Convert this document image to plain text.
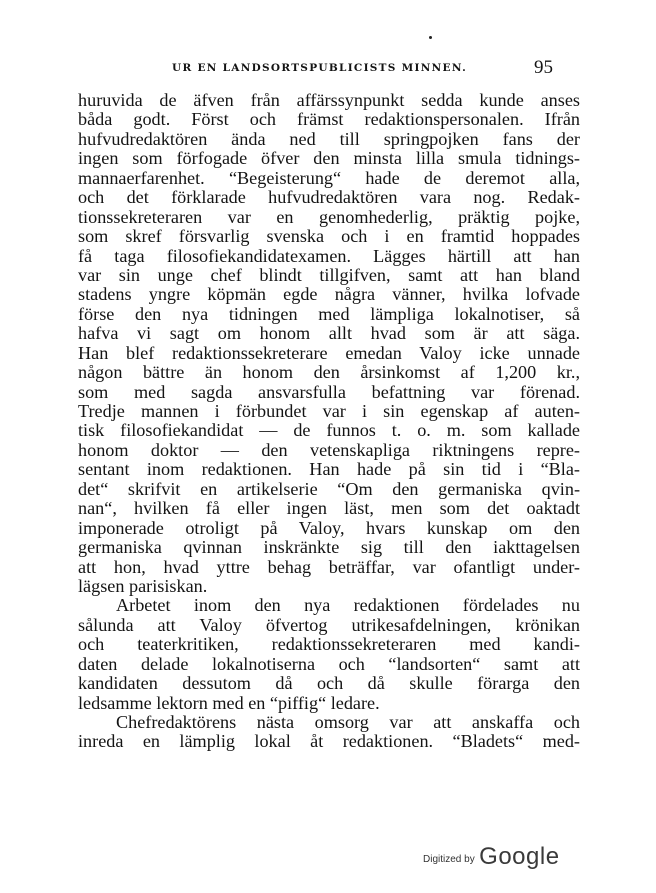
UR EN LANDSORTSPUBLICISTS MINNEN.	95
huruvida de äfven från affärssynpunkt sedda kunde anses
båda godt. Först och främst redaktionspersonalen. Ifrån
hufvudredaktören ända ned till springpojken fans der
ingen som förfogade öfver den minsta lilla smula tidnings-
mannaerfarenhet. “Begeisterung“ hade de deremot alla,
och det förklarade hufvudredaktören vara nog. Redak-
tionssekreteraren var en genomhederlig, präktig pojke,
som skref försvarlig svenska och i en framtid hoppades
få taga filosofiekandidatexamen. Lägges härtill att han
var sin unge chef blindt tillgifven, samt att han bland
stadens yngre köpmän egde några vänner, hvilka lofvade
förse den nya tidningen med lämpliga lokalnotiser, så
hafva vi sagt om honom allt hvad som är att säga.
Han blef redaktionssekreterare emedan Valoy icke unnade
någon bättre än honom den årsinkomst af 1,200 kr.,
som med sagda ansvarsfulla befattning var förenad.
Tredje mannen i förbundet var i sin egenskap af auten-
tisk filosofiekandidat — de funnos t. o. m. som kallade
honom doktor — den vetenskapliga riktningens repre-
sentant inom redaktionen. Han hade på sin tid i “Bla-
det“ skrifvit en artikelserie “Om den germaniska qvin-
nan“, hvilken få eller ingen läst, men som det oaktadt
imponerade otroligt på Valoy, hvars kunskap om den
germaniska qvinnan inskränkte sig till den iakttagelsen
att hon, hvad yttre behag beträffar, var ofantligt under-
lägsen parisiskan.
Arbetet inom den nya redaktionen fördelades nu
sålunda att Valoy öfvertog utrikesafdelningen, krönikan
och teaterkritiken, redaktionssekreteraren med kandi-
daten delade lokalnotiserna och “landsorten“ samt att
kandidaten dessutom då och då skulle förarga den
ledsamme lektorn med en “piffig“ ledare.
Chefredaktörens nästa omsorg var att anskaffa och
inreda en lämplig lokal åt redaktionen. “Bladets“ med-
Digitized by Google
